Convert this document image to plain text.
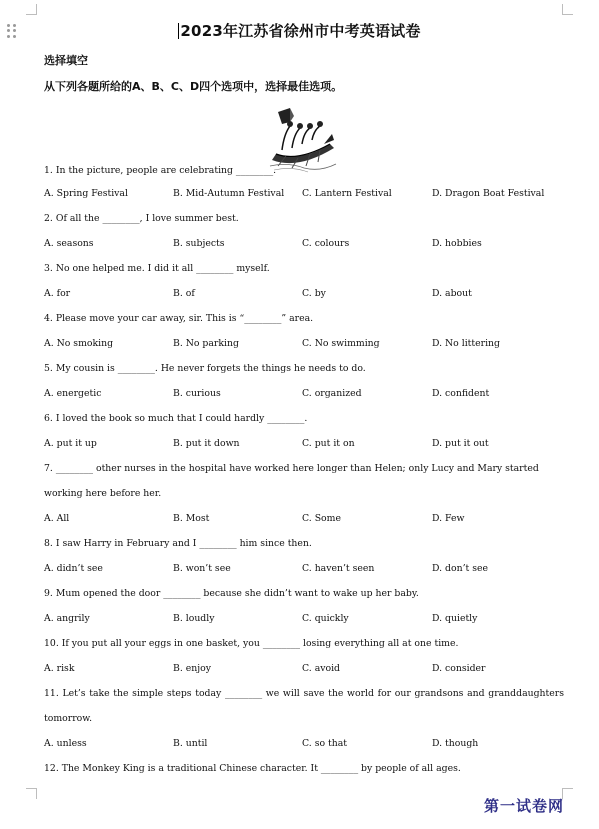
2023年江苏省徐州市中考英语试卷
选择填空
从下列各题所给的A、B、C、D四个选项中，选择最佳选项。
1. In the picture, people are celebrating ________.
A. Spring Festival	B. Mid-Autumn Festival C. Lantern Festival	D. Dragon Boat Festival
2. Of all the ________, I love summer best.
A. seasons	B. subjects	C. colours	D. hobbies
3. No one helped me. I did it all ________ myself.
A. for	B. of	C. by	D. about
4. Please move your car away, sir. This is “________” area.
A. No smoking	B. No parking	C. No swimming	D. No littering
5. My cousin is ________. He never forgets the things he needs to do.
A. energetic	B. curious	C. organized	D. confident
6. I loved the book so much that I could hardly ________.
A. put it up	B. put it down	C. put it on	D. put it out
7. ________ other nurses in the hospital have worked here longer than Helen; only Lucy and Mary started working here before her.
A. All	B. Most	C. Some	D. Few
8. I saw Harry in February and I ________ him since then.
A. didn’t see	B. won’t see	C. haven’t seen	D. don’t see
9. Mum opened the door ________ because she didn’t want to wake up her baby.
A. angrily	B. loudly	C. quickly	D. quietly
10. If you put all your eggs in one basket, you ________ losing everything all at one time.
A. risk	B. enjoy	C. avoid	D. consider
11. Let’s take the simple steps today ________ we will save the world for our grandsons and granddaughters tomorrow.
A. unless	B. until	C. so that	D. though
12. The Monkey King is a traditional Chinese character. It ________ by people of all ages.
第一试卷网
